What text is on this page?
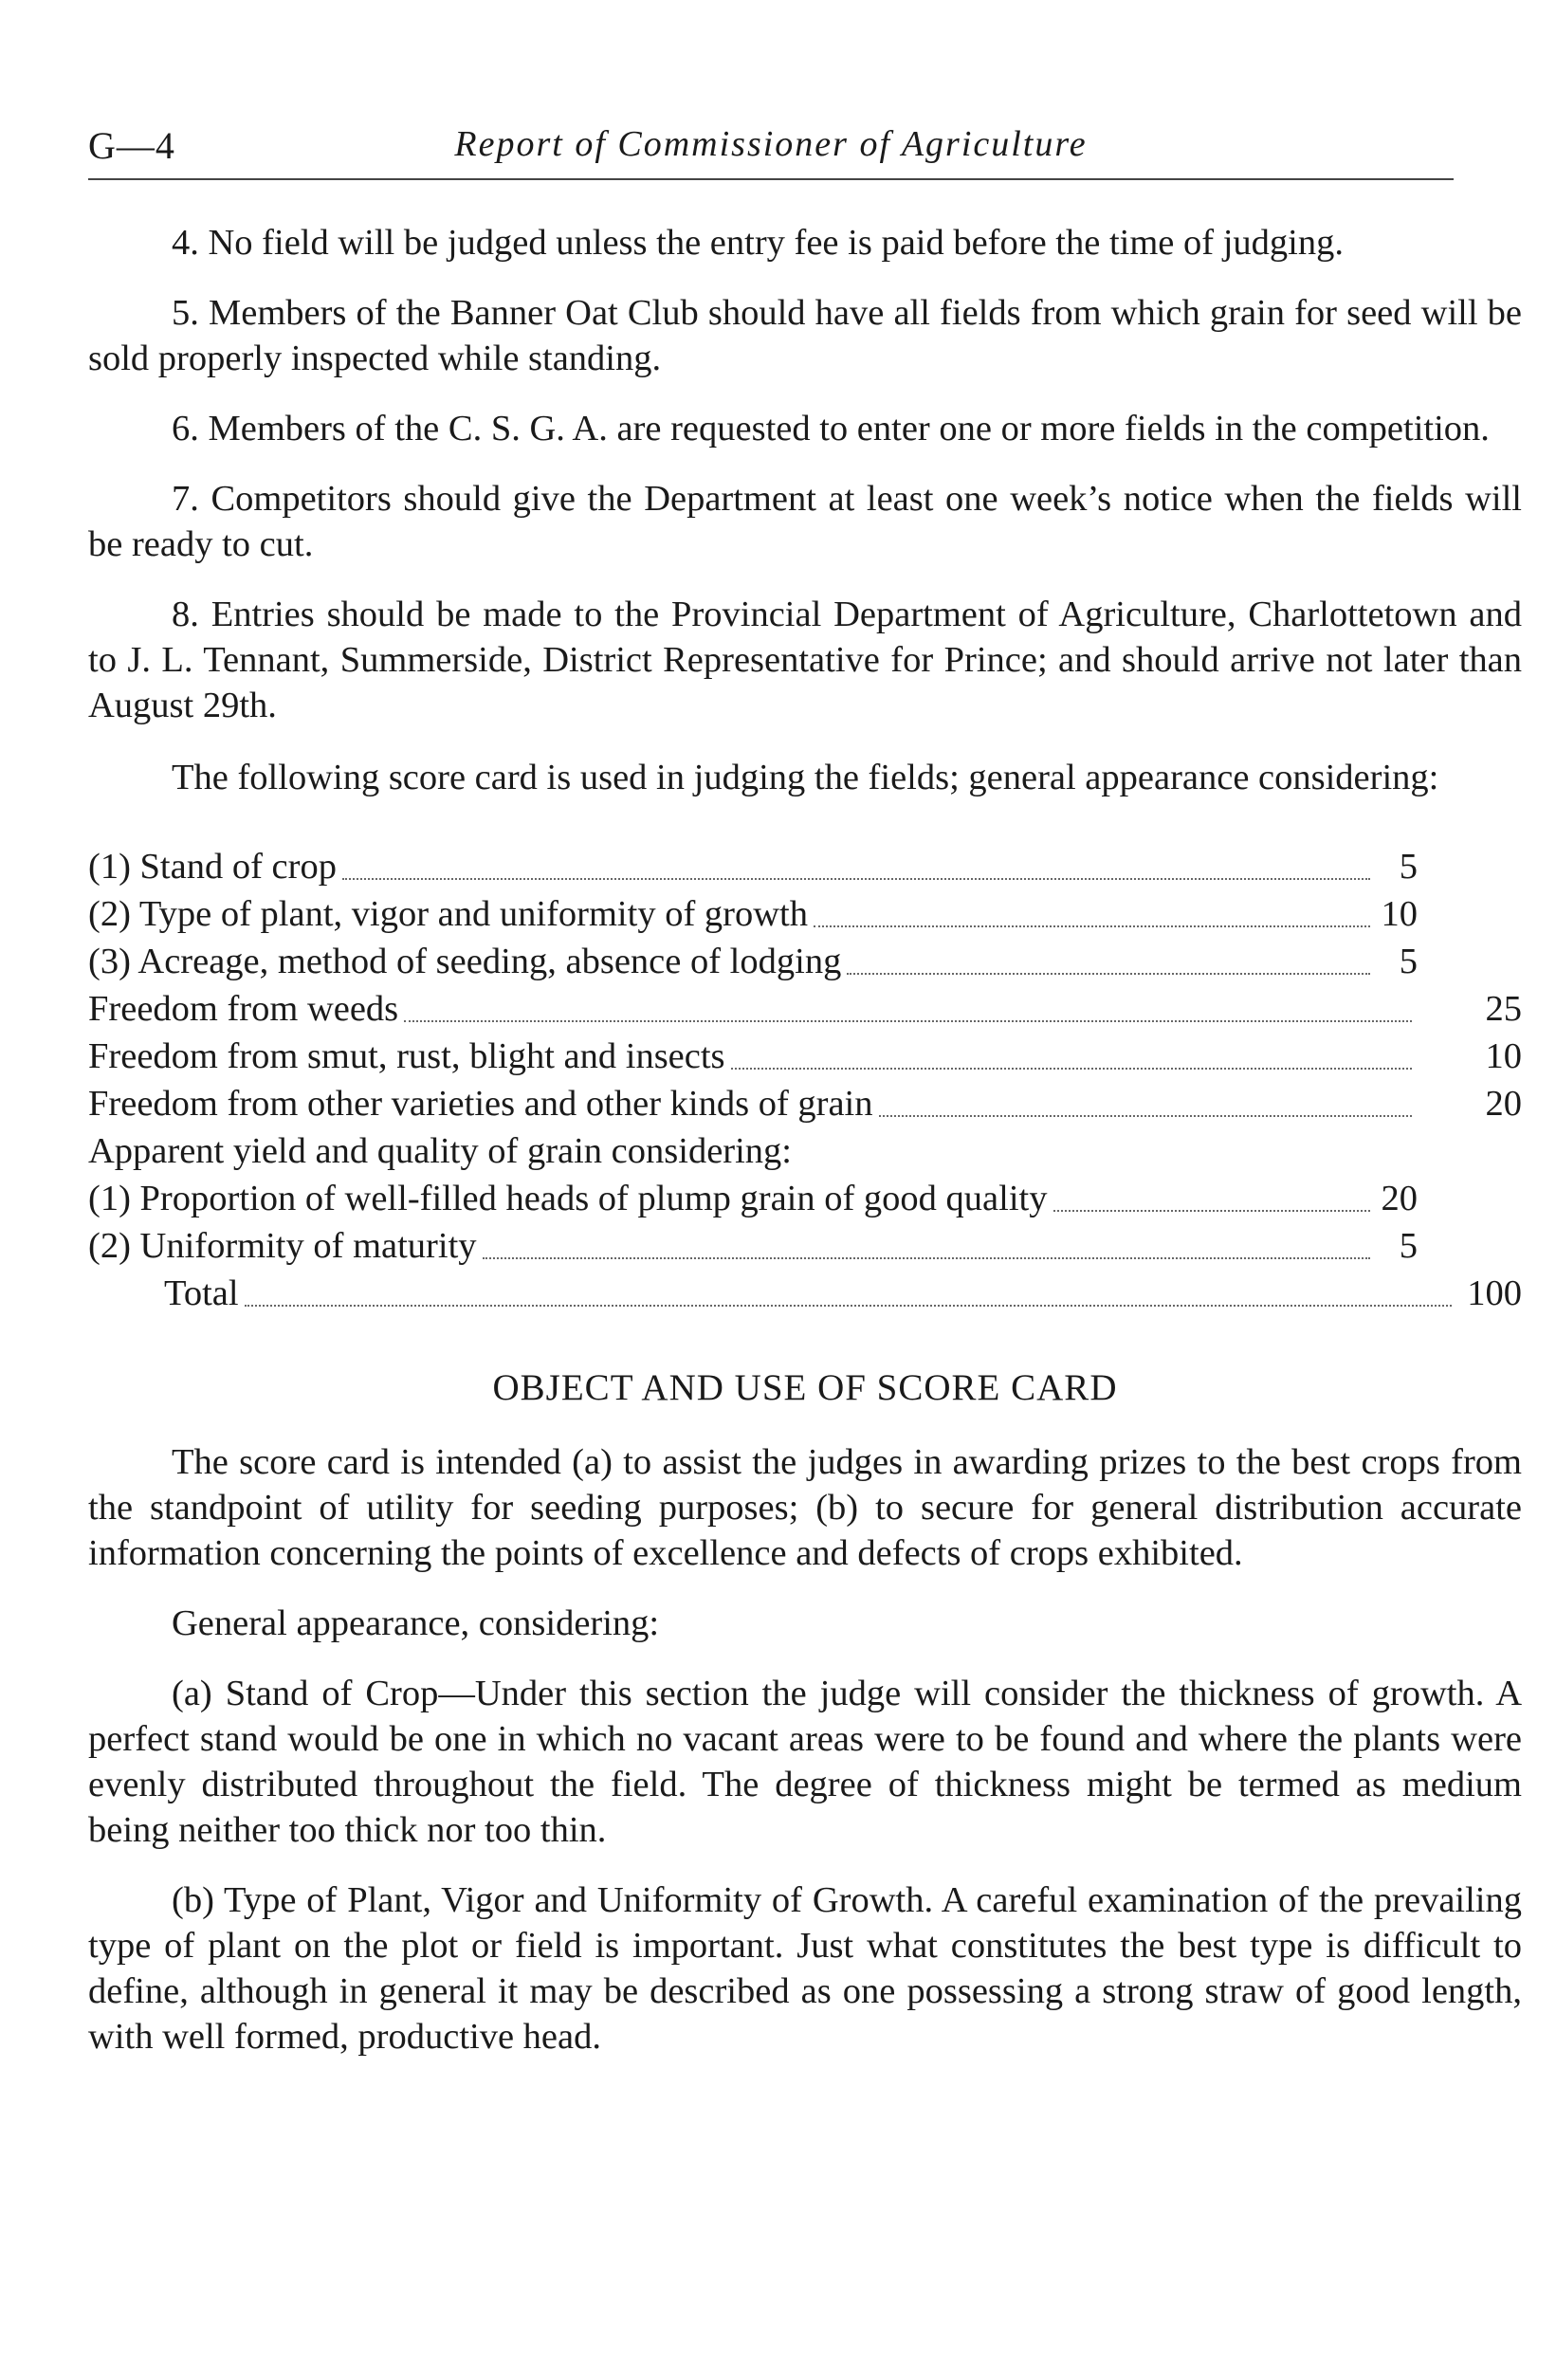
G—4	Report of Commissioner of Agriculture

4. No field will be judged unless the entry fee is paid before the time of judging.

5. Members of the Banner Oat Club should have all fields from which grain for seed will be sold properly inspected while standing.

6. Members of the C. S. G. A. are requested to enter one or more fields in the competition.

7. Competitors should give the Department at least one week’s notice when the fields will be ready to cut.

8. Entries should be made to the Provincial Department of Agriculture, Charlottetown and to J. L. Tennant, Summerside, District Representative for Prince; and should arrive not later than August 29th.

The following score card is used in judging the fields; general appearance considering:

(1) Stand of crop	5
(2) Type of plant, vigor and uniformity of growth	10
(3) Acreage, method of seeding, absence of lodging	5
Freedom from weeds	25
Freedom from smut, rust, blight and insects	10
Freedom from other varieties and other kinds of grain	20
Apparent yield and quality of grain considering:
(1) Proportion of well-filled heads of plump grain of good quality	20
(2) Uniformity of maturity	5
Total	100
OBJECT AND USE OF SCORE CARD

The score card is intended (a) to assist the judges in awarding prizes to the best crops from the standpoint of utility for seeding purposes; (b) to secure for general distribution accurate information concerning the points of excellence and defects of crops exhibited.

General appearance, considering:

(a) Stand of Crop—Under this section the judge will consider the thickness of growth. A perfect stand would be one in which no vacant areas were to be found and where the plants were evenly distributed throughout the field. The degree of thickness might be termed as medium being neither too thick nor too thin.

(b) Type of Plant, Vigor and Uniformity of Growth. A careful examination of the prevailing type of plant on the plot or field is important. Just what constitutes the best type is difficult to define, although in general it may be described as one possessing a strong straw of good length, with well formed, productive head.
